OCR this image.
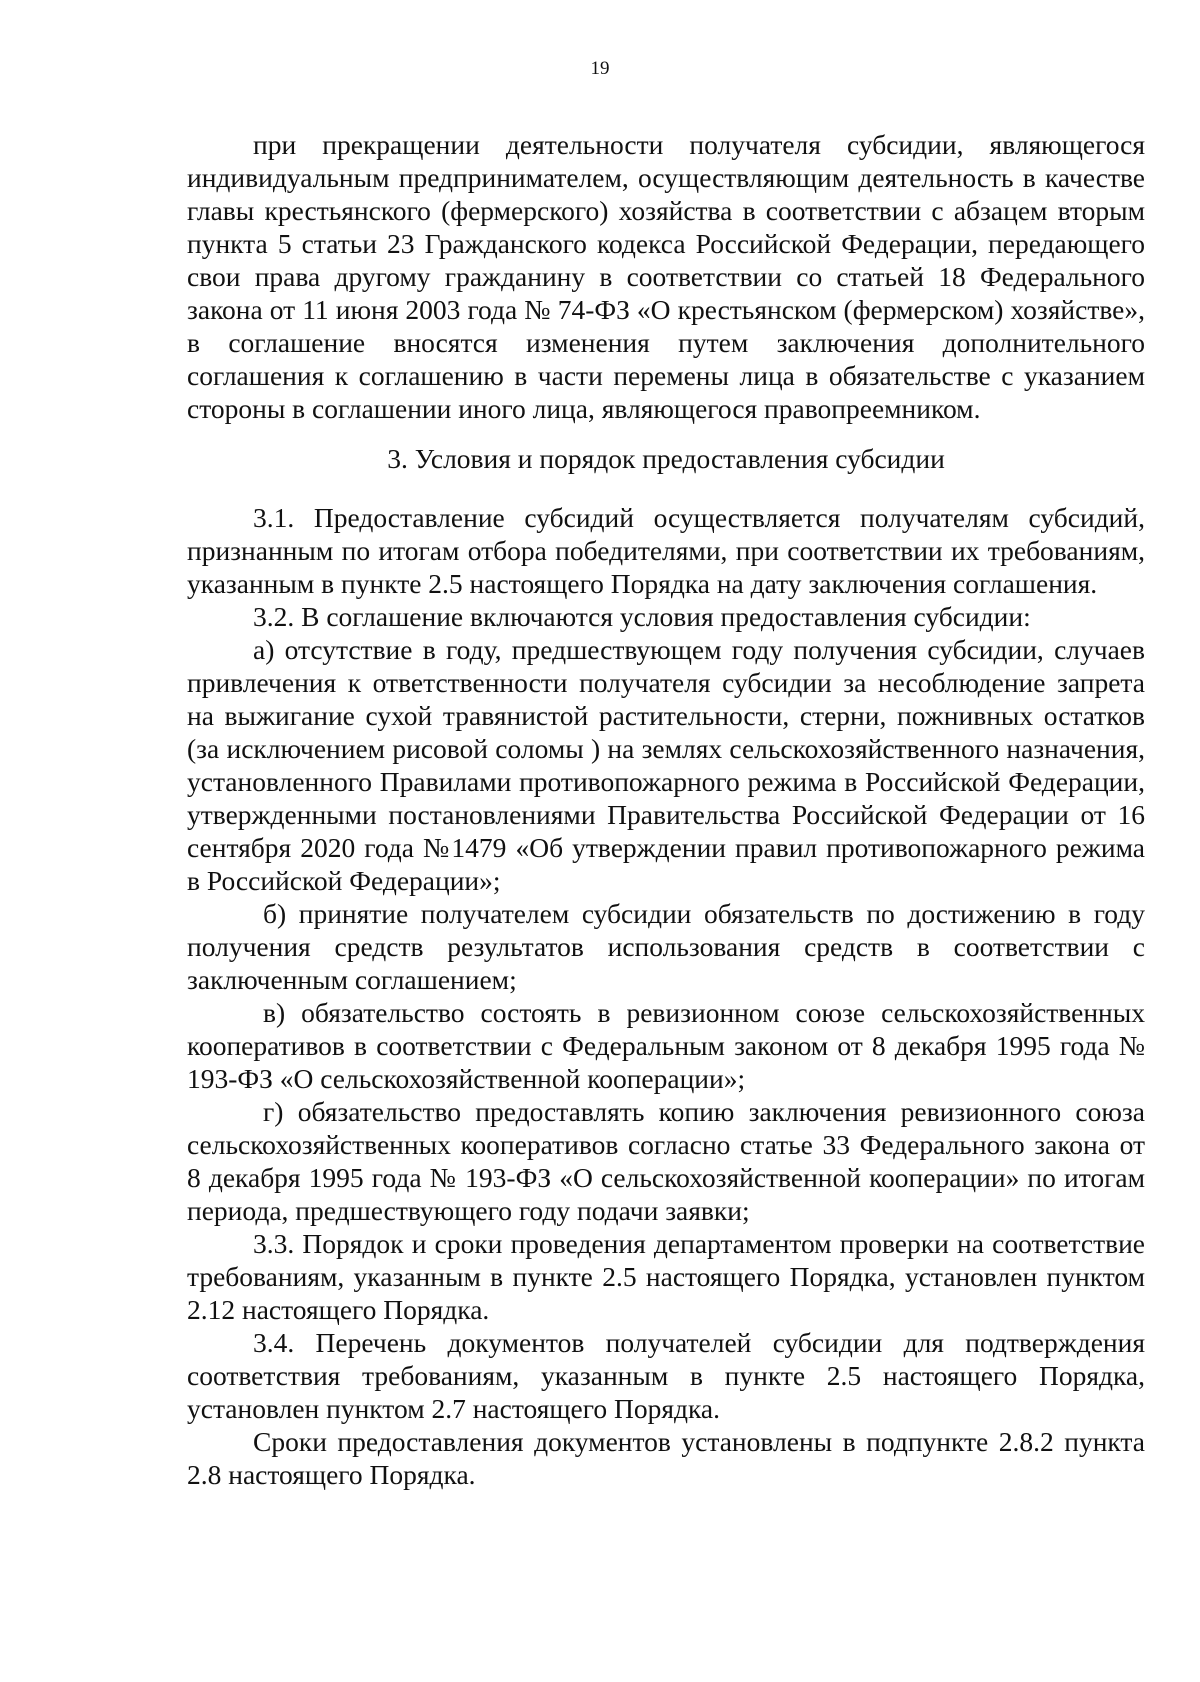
19

при прекращении деятельности получателя субсидии, являющегося индивидуальным предпринимателем, осуществляющим деятельность в качестве главы крестьянского (фермерского) хозяйства в соответствии с абзацем вторым пункта 5 статьи 23 Гражданского кодекса Российской Федерации, передающего свои права другому гражданину в соответствии со статьей 18 Федерального закона от 11 июня 2003 года № 74-ФЗ «О крестьянском (фермерском) хозяйстве», в соглашение вносятся изменения путем заключения дополнительного соглашения к соглашению в части перемены лица в обязательстве с указанием стороны в соглашении иного лица, являющегося правопреемником.

3. Условия и порядок предоставления субсидии

3.1. Предоставление субсидий осуществляется получателям субсидий, признанным по итогам отбора победителями, при соответствии их требованиям, указанным в пункте 2.5 настоящего Порядка на дату заключения соглашения.

3.2. В соглашение включаются условия предоставления субсидии:

а) отсутствие в году, предшествующем году получения субсидии, случаев привлечения к ответственности получателя субсидии за несоблюдение запрета на выжигание сухой травянистой растительности, стерни, пожнивных остатков (за исключением рисовой соломы ) на землях сельскохозяйственного назначения, установленного Правилами противопожарного режима в Российской Федерации, утвержденными постановлениями Правительства Российской Федерации от 16 сентября 2020 года №1479 «Об утверждении правил противопожарного режима в Российской Федерации»;

б) принятие получателем субсидии обязательств по достижению в году получения средств результатов использования средств в соответствии с заключенным соглашением;

в) обязательство состоять в ревизионном союзе сельскохозяйственных кооперативов в соответствии с Федеральным законом от 8 декабря 1995 года № 193-ФЗ «О сельскохозяйственной кооперации»;

г) обязательство предоставлять копию заключения ревизионного союза сельскохозяйственных кооперативов согласно статье 33 Федерального закона от 8 декабря 1995 года № 193-ФЗ «О сельскохозяйственной кооперации» по итогам периода, предшествующего году подачи заявки;

3.3. Порядок и сроки проведения департаментом проверки на соответствие требованиям, указанным в пункте 2.5 настоящего Порядка, установлен пунктом 2.12 настоящего Порядка.

3.4. Перечень документов получателей субсидии для подтверждения соответствия требованиям, указанным в пункте 2.5 настоящего Порядка, установлен пунктом 2.7 настоящего Порядка.

Сроки предоставления документов установлены в подпункте 2.8.2 пункта 2.8 настоящего Порядка.
